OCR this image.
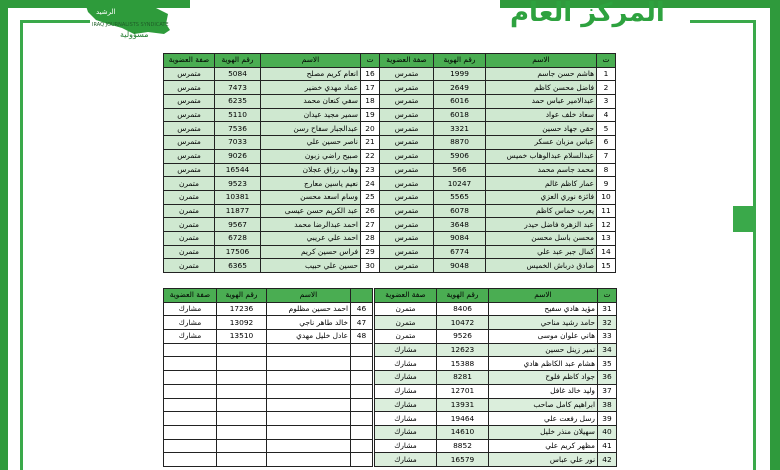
الرشيد
IRAQ JOURNALISTS SYNDICATE
مسؤولية
المركز العام
ت	الاسم	رقم الهوية	صفة العضوية	ت	الاسم	رقم الهوية	صفة العضوية
1	هاشم حسن جاسم	1999	متمرس	16	انعام كريم مصلح	5084	متمرس
2	فاضل محسن كاظم	2649	متمرس	17	عماد مهدي خضير	7473	متمرس
3	عبدالامير عباس حمد	6016	متمرس	18	سفي كنعان محمد	6235	متمرس
4	سعاد خلف عواد	6018	متمرس	19	سمير مجيد عيدان	5110	متمرس
5	حقي جهاد حسين	3321	متمرس	20	عبدالجبار سفاح رسن	7536	متمرس
6	عباس مزبان عسكر	8870	متمرس	21	ناصر حسين علي	7033	متمرس
7	عبدالسلام عبدالوهاب خميس	5906	متمرس	22	صبيح راضي زبون	9026	متمرس
8	محمد جاسم محمد	566	متمرس	23	وهاب رزاق عجلان	16544	متمرس
9	عمار كاظم غالم	10247	متمرس	24	نعيم ياسين معارج	9523	متمرن
10	فائزة نوري العزي	5565	متمرس	25	وسام اسعد محسن	10381	متمرن
11	يعرب خماس كاظم	6078	متمرس	26	عبد الكريم حسن عيسى	11877	متمرن
12	عبد الزهرة فاضل حيدر	3648	متمرس	27	احمد عبدالرضا محمد	9567	متمرن
13	محسن باسل محسن	9084	متمرس	28	احمد علي عريبي	6728	متمرن
14	كمال جبر عبد علي	6774	متمرس	29	فراس حسين كريم	17506	متمرن
15	صادق درباش الخميس	9048	متمرس	30	حسين علي حبيب	6365	متمرن
ت	الاسم	رقم الهوية	صفة العضوية
31	مؤيد هادي سفيح	8406	متمرن
32	حامد رشيد مناحي	10472	متمرن
33	هاني علوان موسى	9526	متمرن
34	نمير زينل حسين	12623	مشارك
35	هشام عبد الكاظم هادي	15388	مشارك
36	جواد كاظم فلوح	8281	مشارك
37	وليد خالد غافل	12701	مشارك
38	ابراهيم كامل صاحب	13931	مشارك
39	رسل رفعت علي	19464	مشارك
40	سهيلان منذر خليل	14610	مشارك
41	مظهر كريم علي	8852	مشارك
42	نور علي عباس	16579	مشارك
	الاسم	رقم الهوية	صفة العضوية
46	احمد حسين مظلوم	17236	مشارك
47	خالد طاهر ناجي	13092	مشارك
48	عادل خليل مهدي	13510	مشارك
